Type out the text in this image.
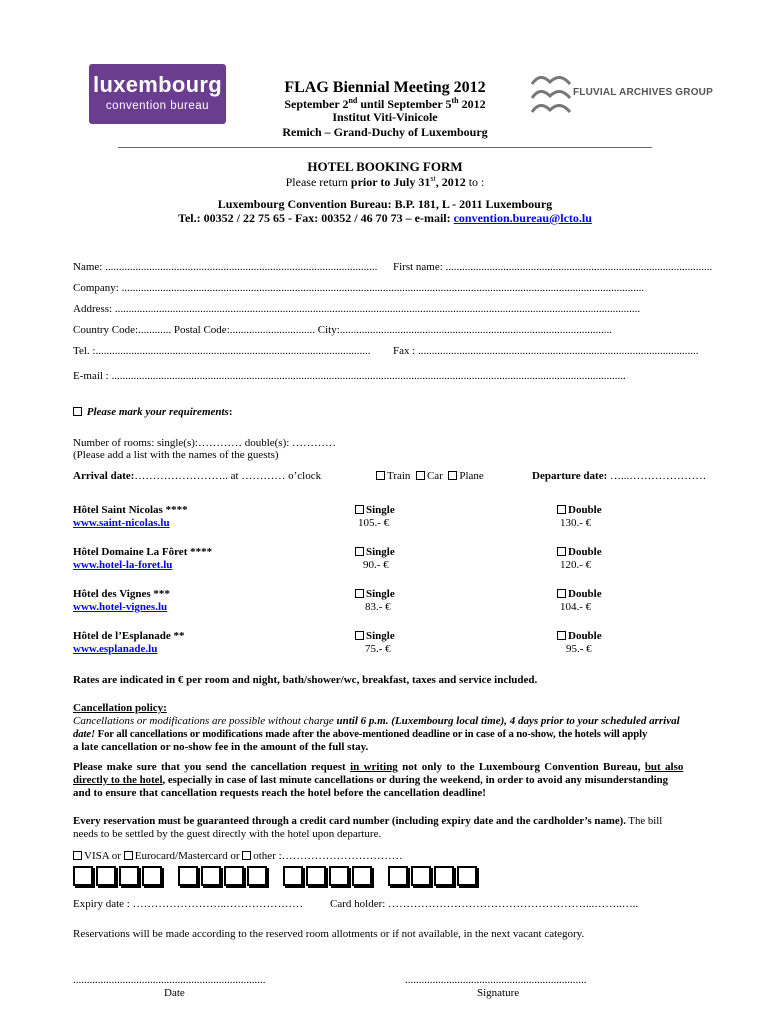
luxembourg
convention bureau
FLUVIAL ARCHIVES GROUP
FLAG Biennial Meeting 2012
September 2nd until September 5th 2012
Institut Viti-Vinicole
Remich – Grand-Duchy of Luxembourg
_________________________________________________________________________________________
HOTEL BOOKING FORM
Please return prior to July 31st, 2012 to :
Luxembourg Convention Bureau: B.P. 181, L - 2011 Luxembourg
Tel.: 00352 / 22 75 65 - Fax: 00352 / 46 70 73 – e-mail: convention.bureau@lcto.lu
Name: ................................................................................................... First name: .................................................................................................
Company: ..............................................................................................................................................................................................
Address: ...............................................................................................................................................................................................
Country Code:............ Postal Code:............................... City:...................................................................................................
Tel. :.................................................................................................... Fax : ......................................................................................................
E-mail : ...........................................................................................................................................................................................
Please mark your requirements:
Number of rooms: single(s):………… double(s): …………
(Please add a list with the names of the guests)
Arrival date:…………………….. at ………… o’clock	Train Car Plane	Departure date: …...…………………
Hôtel Saint Nicolas ****
www.saint-nicolas.lu
Single
105.- €
Double
130.- €
Hôtel Domaine La Fôret ****
www.hotel-la-foret.lu
Single
90.- €
Double
120.- €
Hôtel des Vignes ***
www.hotel-vignes.lu
Single
83.- €
Double
104.- €
Hôtel de l’Esplanade **
www.esplanade.lu
Single
75.- €
Double
95.- €
Rates are indicated in € per room and night, bath/shower/wc, breakfast, taxes and service included.
Cancellation policy:
Cancellations or modifications are possible without charge until 6 p.m. (Luxembourg local time), 4 days prior to your scheduled arrival
date! For all cancellations or modifications made after the above-mentioned deadline or in case of a no-show, the hotels will apply
a late cancellation or no-show fee in the amount of the full stay.
Please make sure that you send the cancellation request in writing not only to the Luxembourg Convention Bureau, but also
directly to the hotel, especially in case of last minute cancellations or during the weekend, in order to avoid any misunderstanding
and to ensure that cancellation requests reach the hotel before the cancellation deadline!
Every reservation must be guaranteed through a credit card number (including expiry date and the cardholder’s name). The bill
needs to be settled by the guest directly with the hotel upon departure.
VISA or Eurocard/Mastercard or other :……………………………

Expiry date : ……………………..………………… Card holder: ………………………………………………...……..…..
Reservations will be made according to the reserved room allotments or if not available, in the next vacant category.
......................................................................	..................................................................
Date	Signature
